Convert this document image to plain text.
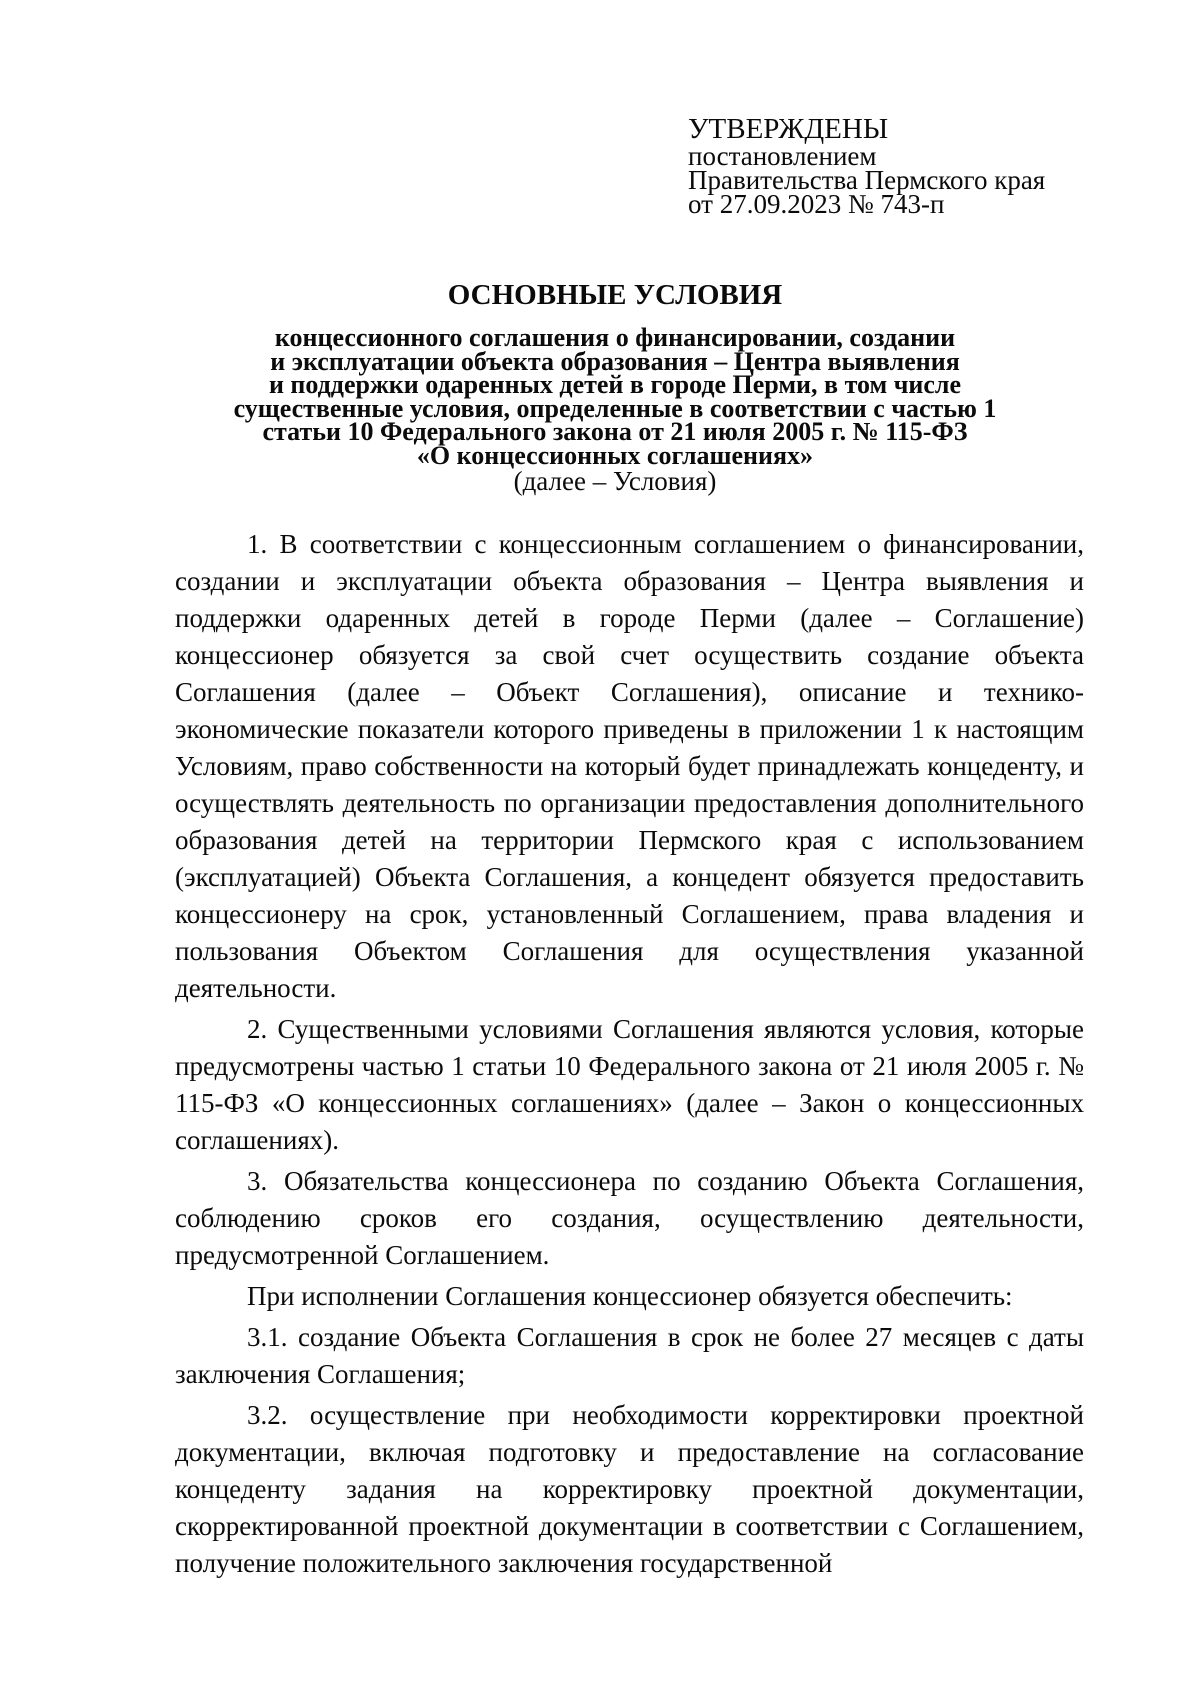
УТВЕРЖДЕНЫ
постановлением
Правительства Пермского края
от 27.09.2023 № 743-п
ОСНОВНЫЕ УСЛОВИЯ
концессионного соглашения о финансировании, создании
и эксплуатации объекта образования – Центра выявления
и поддержки одаренных детей в городе Перми, в том числе
существенные условия, определенные в соответствии с частью 1
статьи 10 Федерального закона от 21 июля 2005 г. № 115-ФЗ
«О концессионных соглашениях»
(далее – Условия)

1. В соответствии с концессионным соглашением о финансировании, создании и эксплуатации объекта образования – Центра выявления и поддержки одаренных детей в городе Перми (далее – Соглашение) концессионер обязуется за свой счет осуществить создание объекта Соглашения (далее – Объект Соглашения), описание и технико-экономические показатели которого приведены в приложении 1 к настоящим Условиям, право собственности на который будет принадлежать концеденту, и осуществлять деятельность по организации предоставления дополнительного образования детей на территории Пермского края с использованием (эксплуатацией) Объекта Соглашения, а концедент обязуется предоставить концессионеру на срок, установленный Соглашением, права владения и пользования Объектом Соглашения для осуществления указанной деятельности.

2. Существенными условиями Соглашения являются условия, которые предусмотрены частью 1 статьи 10 Федерального закона от 21 июля 2005 г. № 115-ФЗ «О концессионных соглашениях» (далее – Закон о концессионных соглашениях).

3. Обязательства концессионера по созданию Объекта Соглашения, соблюдению сроков его создания, осуществлению деятельности, предусмотренной Соглашением.

При исполнении Соглашения концессионер обязуется обеспечить:

3.1. создание Объекта Соглашения в срок не более 27 месяцев с даты заключения Соглашения;

3.2. осуществление при необходимости корректировки проектной документации, включая подготовку и предоставление на согласование концеденту задания на корректировку проектной документации, скорректированной проектной документации в соответствии с Соглашением, получение положительного заключения государственной
